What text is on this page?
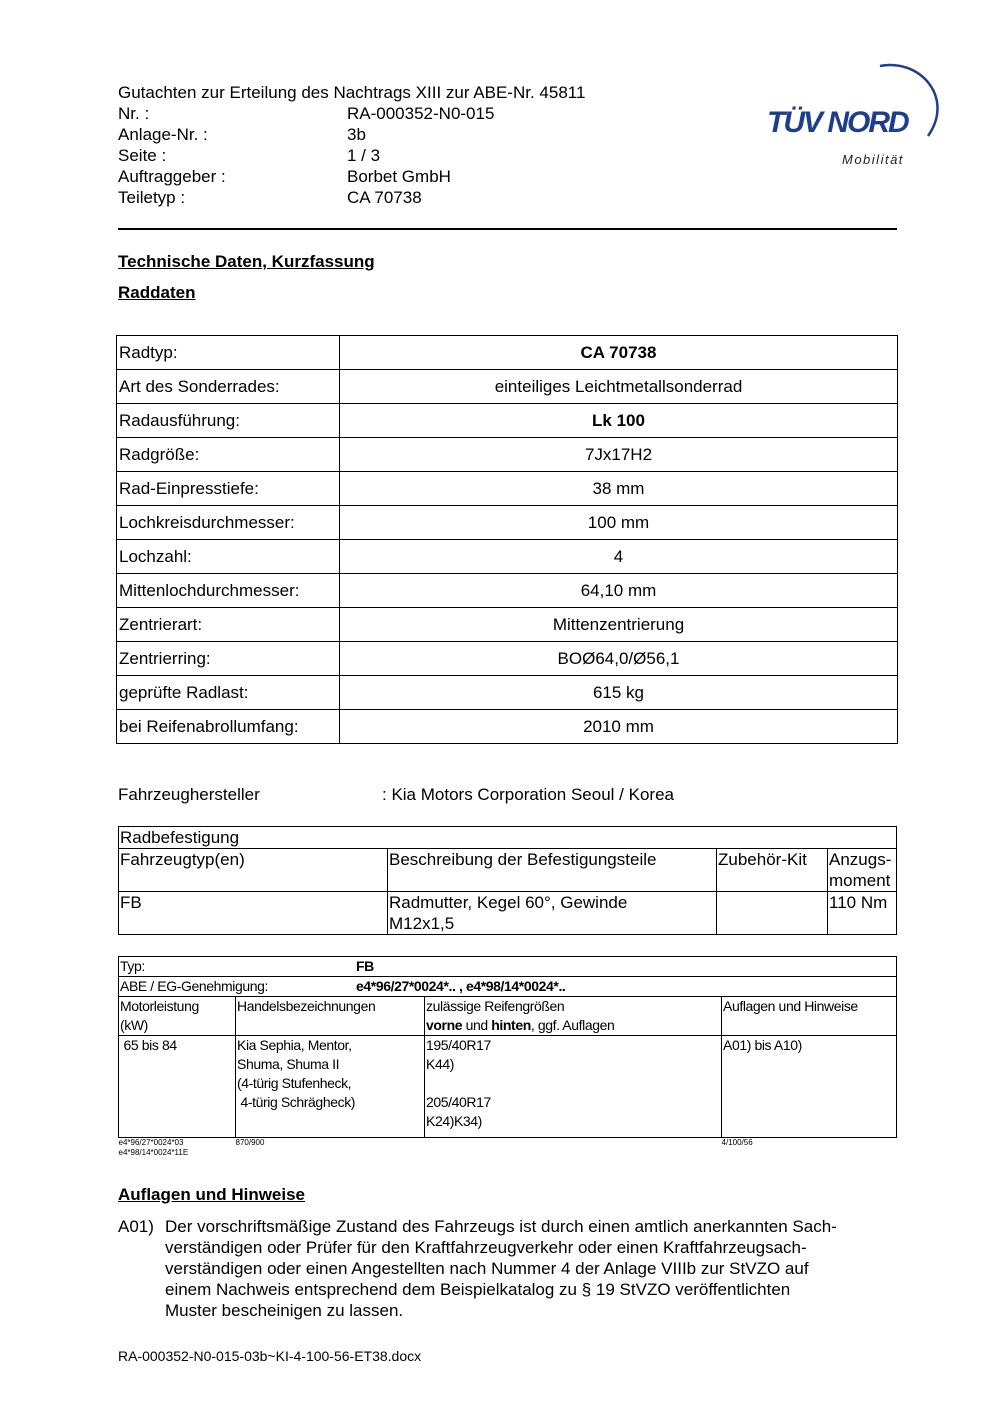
Gutachten zur Erteilung des Nachtrags XIII zur ABE-Nr. 45811
Nr. :	RA-000352-N0-015
Anlage-Nr. :	3b
Seite :	1 / 3
Auftraggeber :	Borbet GmbH
Teiletyp :	CA 70738
TÜV NORD
Mobilität
Technische Daten, Kurzfassung
Raddaten
Radtyp:	CA 70738
Art des Sonderrades:	einteiliges Leichtmetallsonderrad
Radausführung:	Lk 100
Radgröße:	7Jx17H2
Rad-Einpresstiefe:	38 mm
Lochkreisdurchmesser:	100 mm
Lochzahl:	4
Mittenlochdurchmesser:	64,10 mm
Zentrierart:	Mittenzentrierung
Zentrierring:	BOØ64,0/Ø56,1
geprüfte Radlast:	615 kg
bei Reifenabrollumfang:	2010 mm
Fahrzeughersteller	: Kia Motors Corporation Seoul / Korea
Radbefestigung			
Fahrzeugtyp(en)	Beschreibung der Befestigungsteile	Zubehör-Kit	Anzugs-
moment
FB	Radmutter, Kegel 60°, Gewinde
M12x1,5		110 Nm
Typ: FB			
ABE / EG-Genehmigung: e4*96/27*0024*.. , e4*98/14*0024*..			
Motorleistung
(kW)	Handelsbezeichnungen	zulässige Reifengrößen
vorne und hinten, ggf. Auflagen	Auflagen und Hinweise
65 bis 84	Kia Sephia, Mentor,
Shuma, Shuma II
(4-türig Stufenheck,
4-türig Schrägheck)	195/40R17
K44)

205/40R17
K24)K34)	A01) bis A10)
e4*96/27*0024*03
e4*98/14*0024*11E	870/900		4/100/56
Auflagen und Hinweise
A01) Der vorschriftsmäßige Zustand des Fahrzeugs ist durch einen amtlich anerkannten Sach-
verständigen oder Prüfer für den Kraftfahrzeugverkehr oder einen Kraftfahrzeugsach-
verständigen oder einen Angestellten nach Nummer 4 der Anlage VIIIb zur StVZO auf
einem Nachweis entsprechend dem Beispielkatalog zu § 19 StVZO veröffentlichten
Muster bescheinigen zu lassen.
RA-000352-N0-015-03b~KI-4-100-56-ET38.docx
